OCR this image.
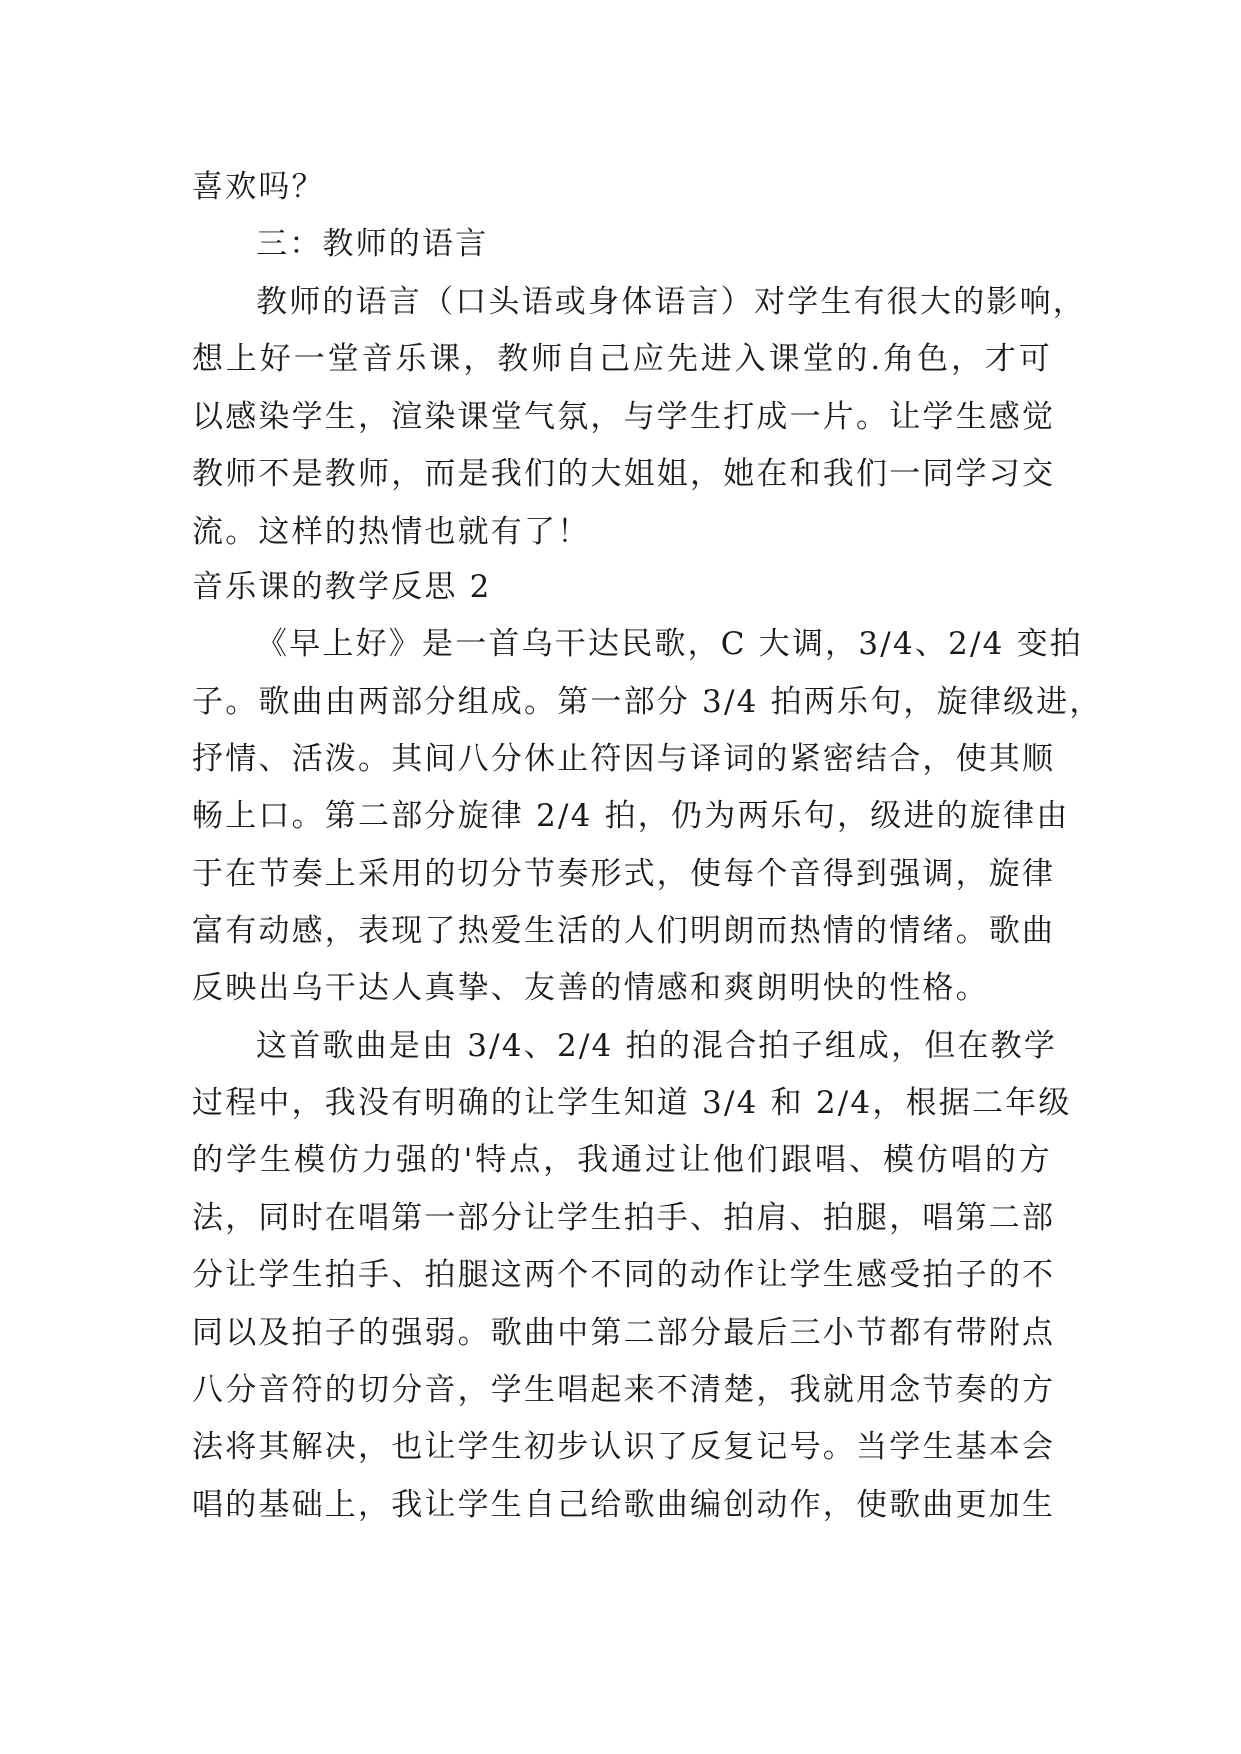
喜欢吗？
三：教师的语言
教师的语言（口头语或身体语言）对学生有很大的影响，
想上好一堂音乐课，教师自己应先进入课堂的.角色，才可
以感染学生，渲染课堂气氛，与学生打成一片。让学生感觉
教师不是教师，而是我们的大姐姐，她在和我们一同学习交
流。这样的热情也就有了！
音乐课的教学反思 2
《早上好》是一首乌干达民歌，C 大调，3/4、2/4 变拍
子。歌曲由两部分组成。第一部分 3/4 拍两乐句，旋律级进，
抒情、活泼。其间八分休止符因与译词的紧密结合，使其顺
畅上口。第二部分旋律 2/4 拍，仍为两乐句，级进的旋律由
于在节奏上采用的切分节奏形式，使每个音得到强调，旋律
富有动感，表现了热爱生活的人们明朗而热情的情绪。歌曲
反映出乌干达人真挚、友善的情感和爽朗明快的性格。
这首歌曲是由 3/4、2/4 拍的混合拍子组成，但在教学
过程中，我没有明确的让学生知道 3/4 和 2/4，根据二年级
的学生模仿力强的'特点，我通过让他们跟唱、模仿唱的方
法，同时在唱第一部分让学生拍手、拍肩、拍腿，唱第二部
分让学生拍手、拍腿这两个不同的动作让学生感受拍子的不
同以及拍子的强弱。歌曲中第二部分最后三小节都有带附点
八分音符的切分音，学生唱起来不清楚，我就用念节奏的方
法将其解决，也让学生初步认识了反复记号。当学生基本会
唱的基础上，我让学生自己给歌曲编创动作，使歌曲更加生
